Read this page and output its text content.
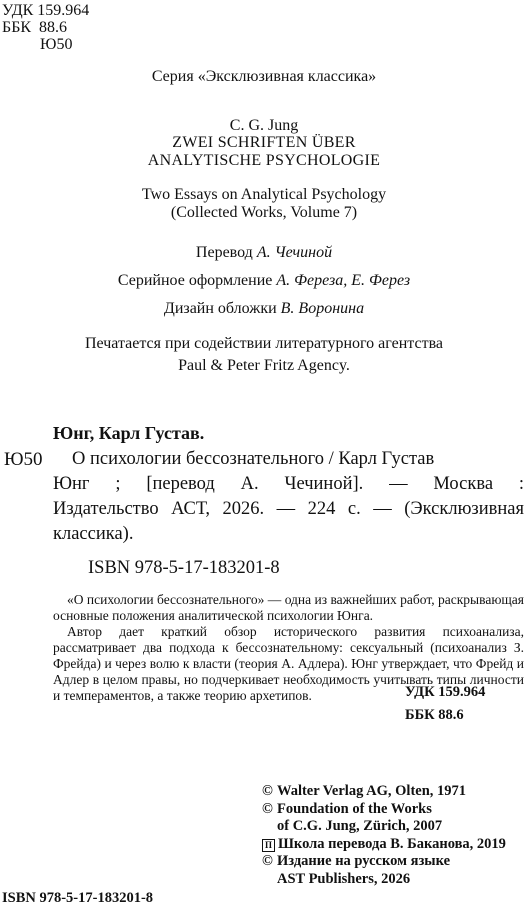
УДК 159.964
ББК  88.6
Ю50
Серия «Эксклюзивная классика»
C. G. Jung
ZWEI SCHRIFTEN ÜBER
ANALYTISCHE PSYCHOLOGIE
Two Essays on Analytical Psychology
(Collected Works, Volume 7)
Перевод А. Чечиной
Серийное оформление А. Фереза, Е. Ферез
Дизайн обложки В. Воронина
Печатается при содействии литературного агентства
Paul & Peter Fritz Agency.
Юнг, Карл Густав.
Ю50 О психологии бессознательного / Карл Густав
Юнг ; [перевод А. Чечиной]. — Москва :
Издательство АСТ, 2026. — 224 с. — (Эксклюзивная
классика).
ISBN 978-5-17-183201-8

«О психологии бессознательного» — одна из важнейших работ, раскрывающая основные положения аналитической психологии Юнга.

Автор дает краткий обзор исторического развития психоанализа, рассматривает два подхода к бессознательному: сексуальный (психоанализ З. Фрейда) и через волю к власти (теория А. Адлера). Юнг утверждает, что Фрейд и Адлер в целом правы, но подчеркивает необходимость учитывать типы личности и темпераментов, а также теорию архетипов.	УДК 159.964
ББК 88.6
© Walter Verlag AG, Olten, 1971
© Foundation of the Works
of C.G. Jung, Zürich, 2007
П Школа перевода В. Баканова, 2019
© Издание на русском языке
AST Publishers, 2026
ISBN 978-5-17-183201-8
